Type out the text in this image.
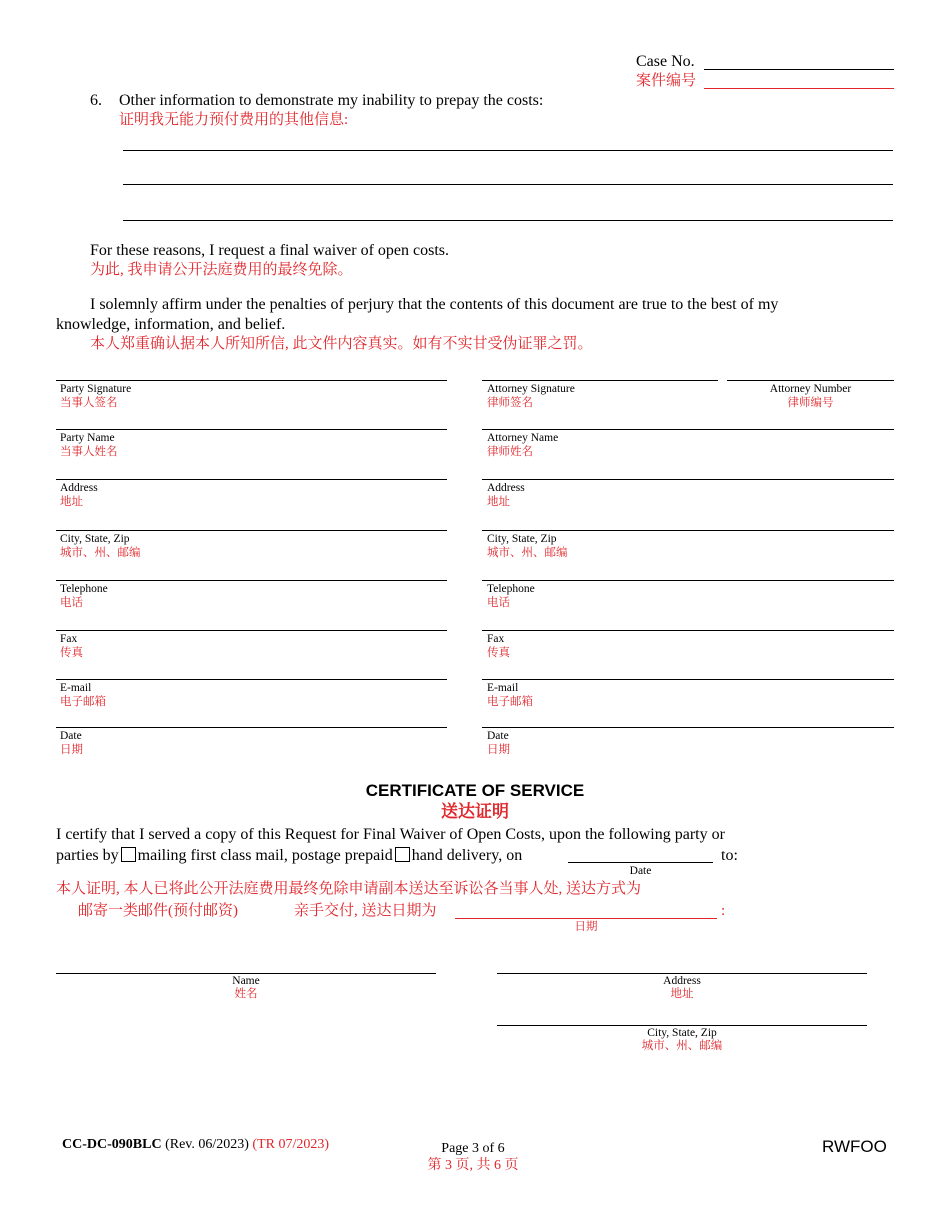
Case No.
案件编号
6. Other information to demonstrate my inability to prepay the costs:
证明我无能力预付费用的其他信息:
For these reasons, I request a final waiver of open costs.
为此, 我申请公开法庭费用的最终免除。
I solemnly affirm under the penalties of perjury that the contents of this document are true to the best of my
knowledge, information, and belief.
本人郑重确认据本人所知所信, 此文件内容真实。如有不实甘受伪证罪之罚。
Party Signature
当事人签名
Party Name
当事人姓名
Address
地址
City, State, Zip
城市、州、邮编
Telephone
电话
Fax
传真
E-mail
电子邮箱
Date
日期
Attorney Signature
律师签名
Attorney Number
律师编号
Attorney Name
律师姓名
Address
地址
City, State, Zip
城市、州、邮编
Telephone
电话
Fax
传真
E-mail
电子邮箱
Date
日期
CERTIFICATE OF SERVICE
送达证明
I certify that I served a copy of this Request for Final Waiver of Open Costs, upon the following party or
parties by mailing first class mail, postage prepaid hand delivery, on	to:
Date
本人证明, 本人已将此公开法庭费用最终免除申请副本送达至诉讼各当事人处, 送达方式为
邮寄一类邮件(预付邮资)	亲手交付, 送达日期为	:
日期
Name
姓名
Address
地址
City, State, Zip
城市、州、邮编
CC-DC-090BLC (Rev. 06/2023) (TR 07/2023)	Page 3 of 6
第 3 页, 共 6 页
RWFOO
